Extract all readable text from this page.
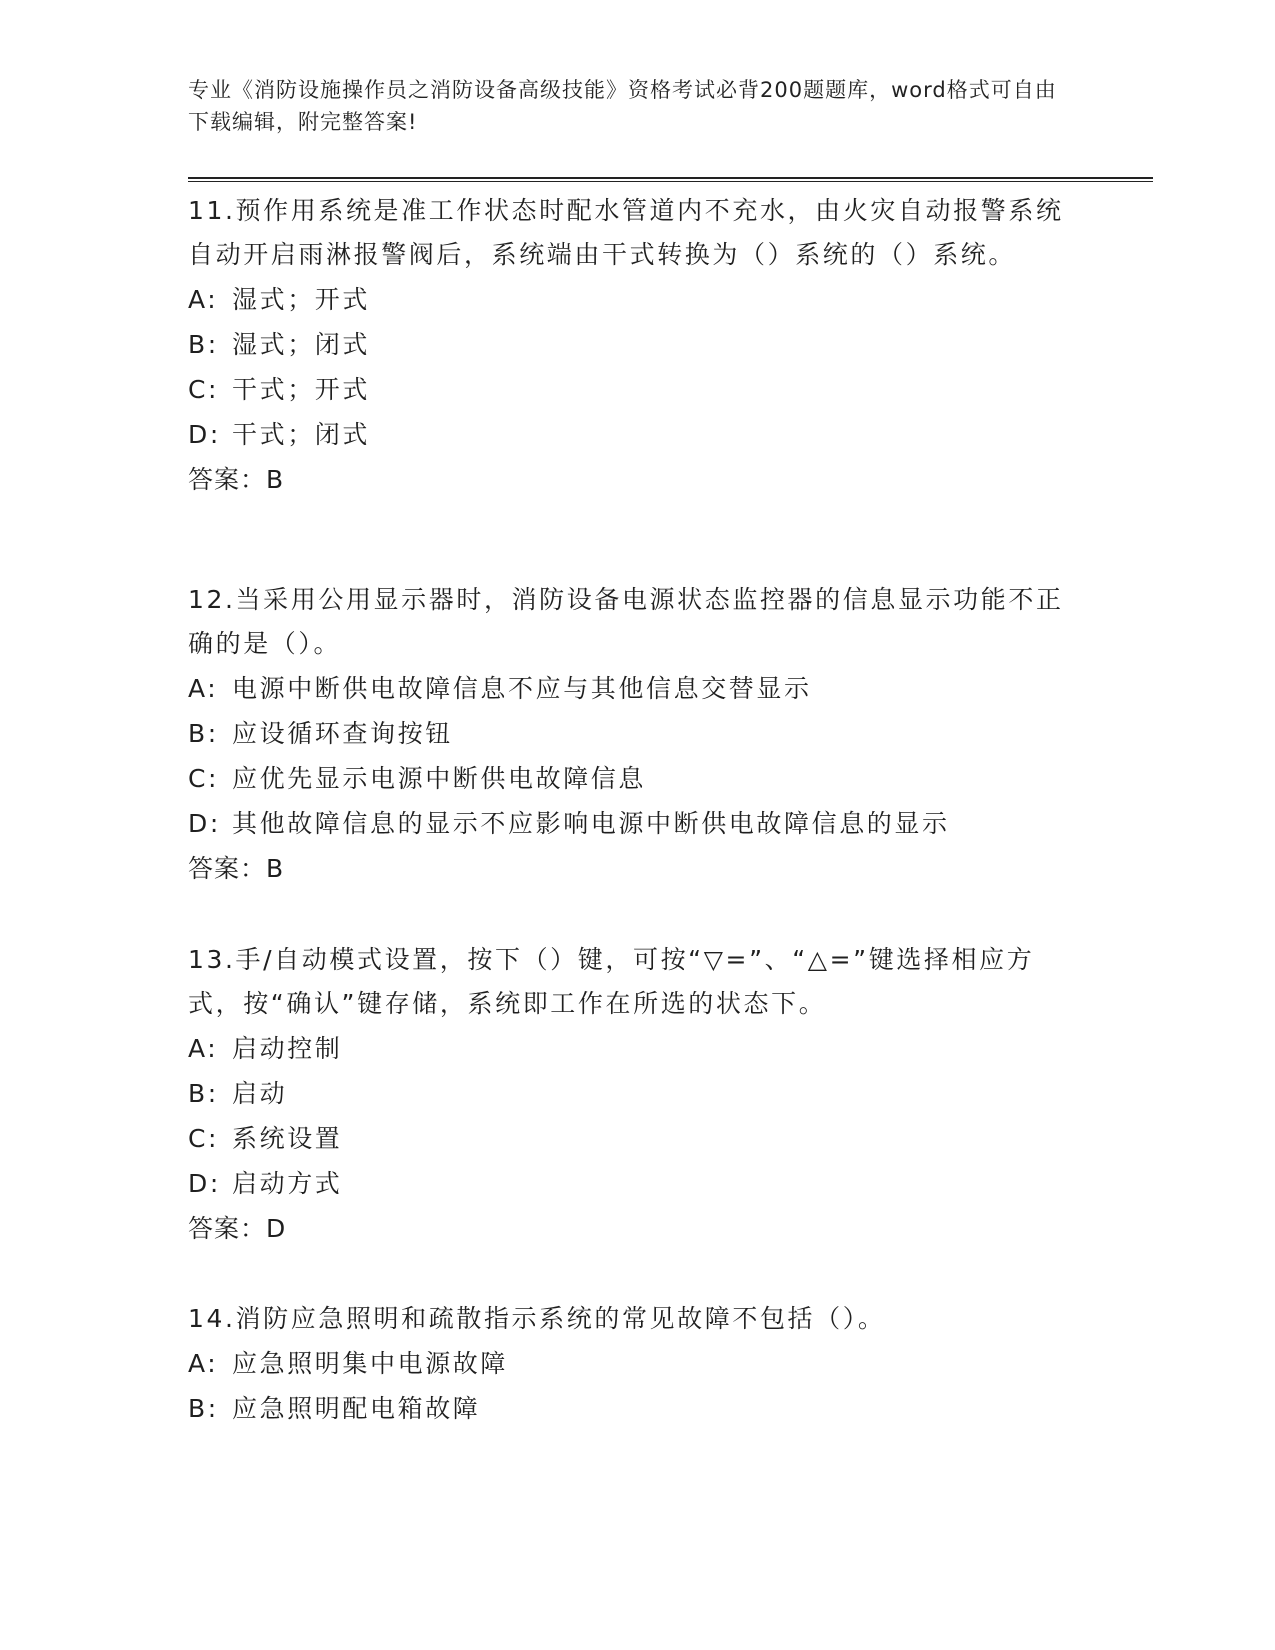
专业《消防设施操作员之消防设备高级技能》资格考试必背200题题库，word格式可自由下载编辑，附完整答案!
11.预作用系统是准工作状态时配水管道内不充水，由火灾自动报警系统自动开启雨淋报警阀后，系统端由干式转换为（）系统的（）系统。
A: 湿式；开式
B: 湿式；闭式
C: 干式；开式
D: 干式；闭式
答案：B
12.当采用公用显示器时，消防设备电源状态监控器的信息显示功能不正确的是（）。
A: 电源中断供电故障信息不应与其他信息交替显示
B: 应设循环查询按钮
C: 应优先显示电源中断供电故障信息
D: 其他故障信息的显示不应影响电源中断供电故障信息的显示
答案：B
13.手/自动模式设置，按下（）键，可按“▽=”、“△=”键选择相应方式，按“确认”键存储，系统即工作在所选的状态下。
A: 启动控制
B: 启动
C: 系统设置
D: 启动方式
答案：D
14.消防应急照明和疏散指示系统的常见故障不包括（）。
A: 应急照明集中电源故障
B: 应急照明配电箱故障
